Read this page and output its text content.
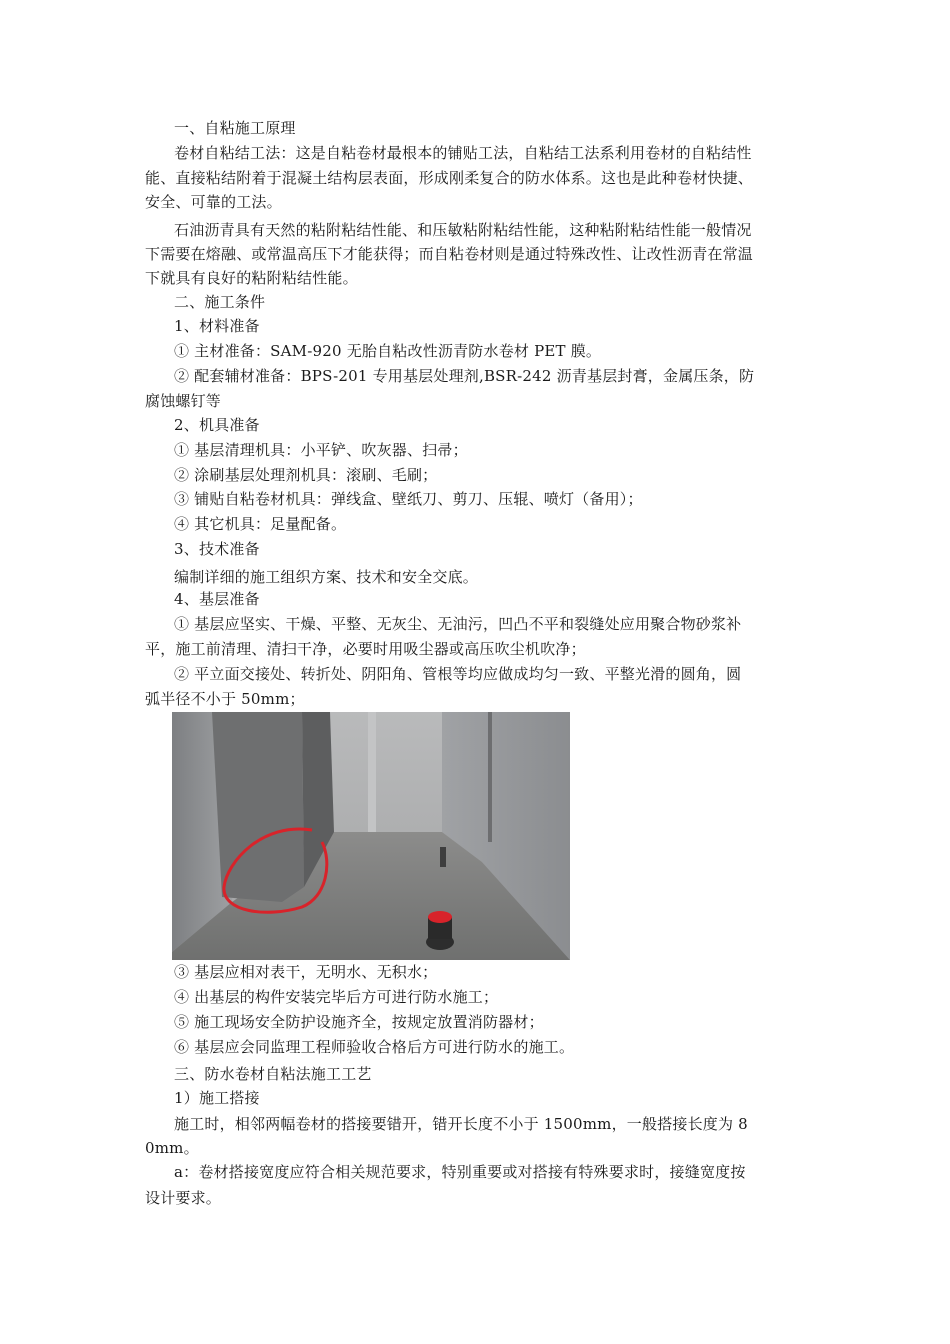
一、自粘施工原理
卷材自粘结工法：这是自粘卷材最根本的铺贴工法，自粘结工法系利用卷材的自粘结性
能、直接粘结附着于混凝土结构层表面，形成刚柔复合的防水体系。这也是此种卷材快捷、
安全、可靠的工法。
石油沥青具有天然的粘附粘结性能、和压敏粘附粘结性能，这种粘附粘结性能一般情况
下需要在熔融、或常温高压下才能获得；而自粘卷材则是通过特殊改性、让改性沥青在常温
下就具有良好的粘附粘结性能。
二、施工条件
1、材料准备
① 主材准备：SAM-920 无胎自粘改性沥青防水卷材 PET 膜。
② 配套辅材准备：BPS-201 专用基层处理剂,BSR-242 沥青基层封膏，金属压条，防
腐蚀螺钉等
2、机具准备
① 基层清理机具：小平铲、吹灰器、扫帚；
② 涂刷基层处理剂机具：滚刷、毛刷；
③ 铺贴自粘卷材机具：弹线盒、壁纸刀、剪刀、压辊、喷灯（备用）；
④ 其它机具：足量配备。
3、技术准备
编制详细的施工组织方案、技术和安全交底。
4、基层准备
① 基层应坚实、干燥、平整、无灰尘、无油污，凹凸不平和裂缝处应用聚合物砂浆补
平，施工前清理、清扫干净，必要时用吸尘器或高压吹尘机吹净；
② 平立面交接处、转折处、阴阳角、管根等均应做成均匀一致、平整光滑的圆角，圆
弧半径不小于 50mm；
③ 基层应相对表干，无明水、无积水；
④ 出基层的构件安装完毕后方可进行防水施工；
⑤ 施工现场安全防护设施齐全，按规定放置消防器材；
⑥ 基层应会同监理工程师验收合格后方可进行防水的施工。
三、防水卷材自粘法施工工艺
1）施工搭接
施工时，相邻两幅卷材的搭接要错开，错开长度不小于 1500mm，一般搭接长度为 8
0mm。
a：卷材搭接宽度应符合相关规范要求，特别重要或对搭接有特殊要求时，接缝宽度按
设计要求。
